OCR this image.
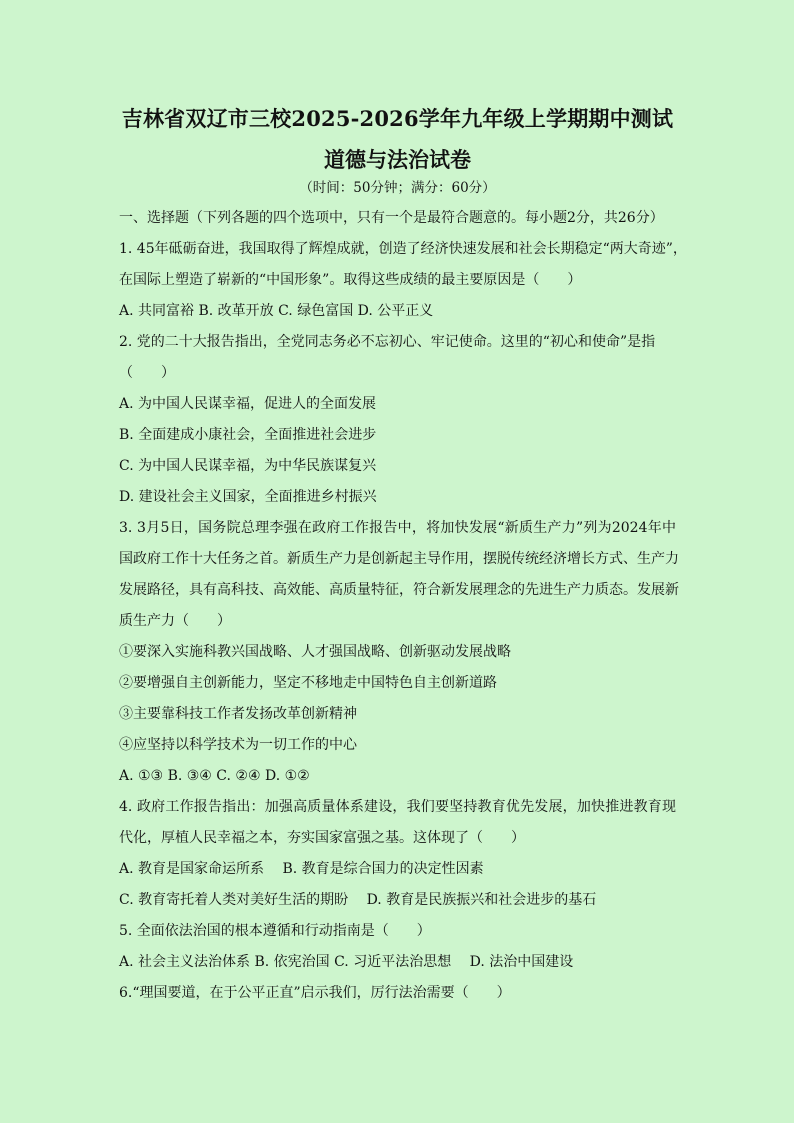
吉林省双辽市三校2025-2026学年九年级上学期期中测试
道德与法治试卷
（时间：50分钟；满分：60分）
一、选择题（下列各题的四个选项中，只有一个是最符合题意的。每小题2分，共26分）
1. 45年砥砺奋进，我国取得了辉煌成就，创造了经济快速发展和社会长期稳定“两大奇迹”，
在国际上塑造了崭新的“中国形象”。取得这些成绩的最主要原因是（　　）
A. 共同富裕 B. 改革开放 C. 绿色富国 D. 公平正义
2. 党的二十大报告指出，全党同志务必不忘初心、牢记使命。这里的“初心和使命”是指
（　　）
A. 为中国人民谋幸福，促进人的全面发展
B. 全面建成小康社会，全面推进社会进步
C. 为中国人民谋幸福，为中华民族谋复兴
D. 建设社会主义国家，全面推进乡村振兴
3. 3月5日，国务院总理李强在政府工作报告中，将加快发展“新质生产力”列为2024年中
国政府工作十大任务之首。新质生产力是创新起主导作用，摆脱传统经济增长方式、生产力
发展路径，具有高科技、高效能、高质量特征，符合新发展理念的先进生产力质态。发展新
质生产力（　　）
①要深入实施科教兴国战略、人才强国战略、创新驱动发展战略
②要增强自主创新能力，坚定不移地走中国特色自主创新道路
③主要靠科技工作者发扬改革创新精神
④应坚持以科学技术为一切工作的中心
A. ①③ B. ③④ C. ②④ D. ①②
4. 政府工作报告指出：加强高质量体系建设，我们要坚持教育优先发展，加快推进教育现
代化，厚植人民幸福之本，夯实国家富强之基。这体现了（　　）
A. 教育是国家命运所系　 B. 教育是综合国力的决定性因素
C. 教育寄托着人类对美好生活的期盼　 D. 教育是民族振兴和社会进步的基石
5. 全面依法治国的根本遵循和行动指南是（　　）
A. 社会主义法治体系 B. 依宪治国 C. 习近平法治思想　 D. 法治中国建设
6.“理国要道，在于公平正直”启示我们，厉行法治需要（　　）
